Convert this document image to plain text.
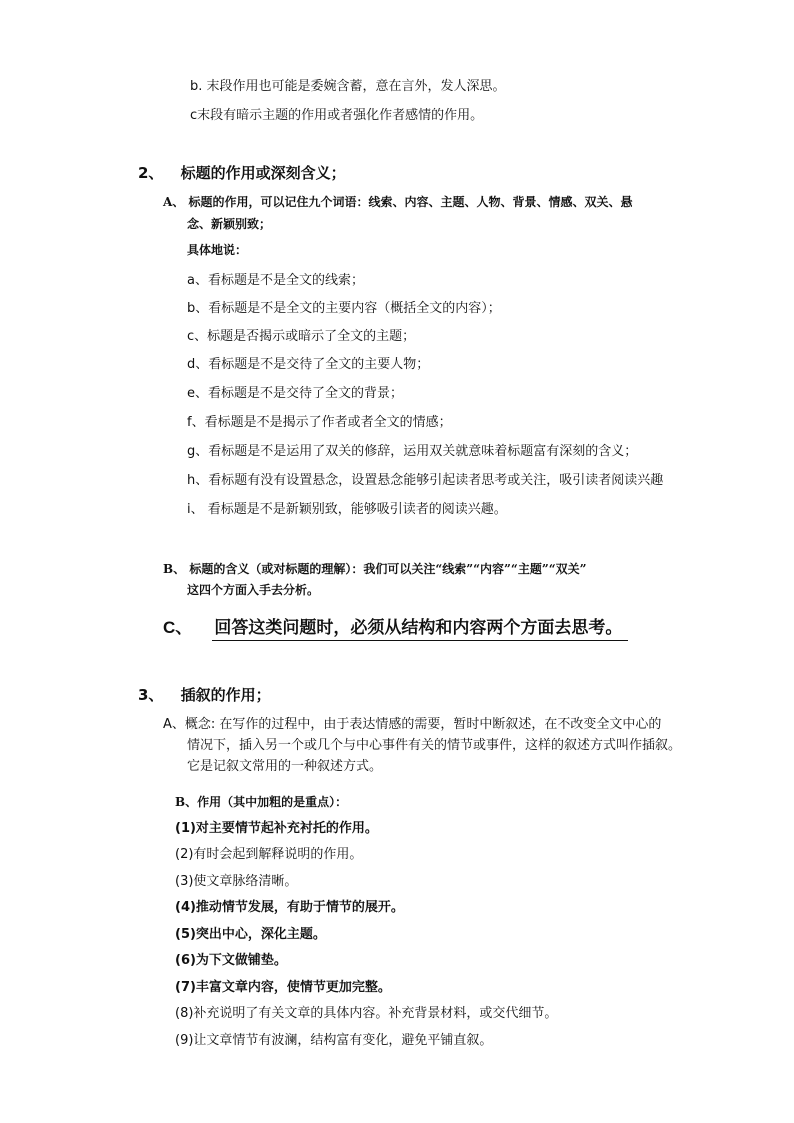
b. 末段作用也可能是委婉含蓄，意在言外，发人深思。
c末段有暗示主题的作用或者强化作者感情的作用。
2、 标题的作用或深刻含义；
A、 标题的作用，可以记住九个词语：线索、内容、主题、人物、背景、情感、双关、悬
念、新颖别致；
具体地说：
a、看标题是不是全文的线索；
b、看标题是不是全文的主要内容（概括全文的内容）；
c、标题是否揭示或暗示了全文的主题；
d、看标题是不是交待了全文的主要人物；
e、看标题是不是交待了全文的背景；
f、看标题是不是揭示了作者或者全文的情感；
g、看标题是不是运用了双关的修辞，运用双关就意味着标题富有深刻的含义；
h、看标题有没有设置悬念，设置悬念能够引起读者思考或关注，吸引读者阅读兴趣
i、 看标题是不是新颖别致，能够吸引读者的阅读兴趣。
B、 标题的含义（或对标题的理解）：我们可以关注“线索”“内容”“主题”“双关”
这四个方面入手去分析。
C、 回答这类问题时，必须从结构和内容两个方面去思考。
3、 插叙的作用；
A、概念: 在写作的过程中，由于表达情感的需要，暂时中断叙述，在不改变全文中心的
情况下，插入另一个或几个与中心事件有关的情节或事件，这样的叙述方式叫作插叙。
它是记叙文常用的一种叙述方式。
B、作用（其中加粗的是重点）：
(1)对主要情节起补充衬托的作用。
(2)有时会起到解释说明的作用。
(3)使文章脉络清晰。
(4)推动情节发展，有助于情节的展开。
(5)突出中心，深化主题。
(6)为下文做铺垫。
(7)丰富文章内容，使情节更加完整。
(8)补充说明了有关文章的具体内容。补充背景材料，或交代细节。
(9)让文章情节有波澜，结构富有变化，避免平铺直叙。
